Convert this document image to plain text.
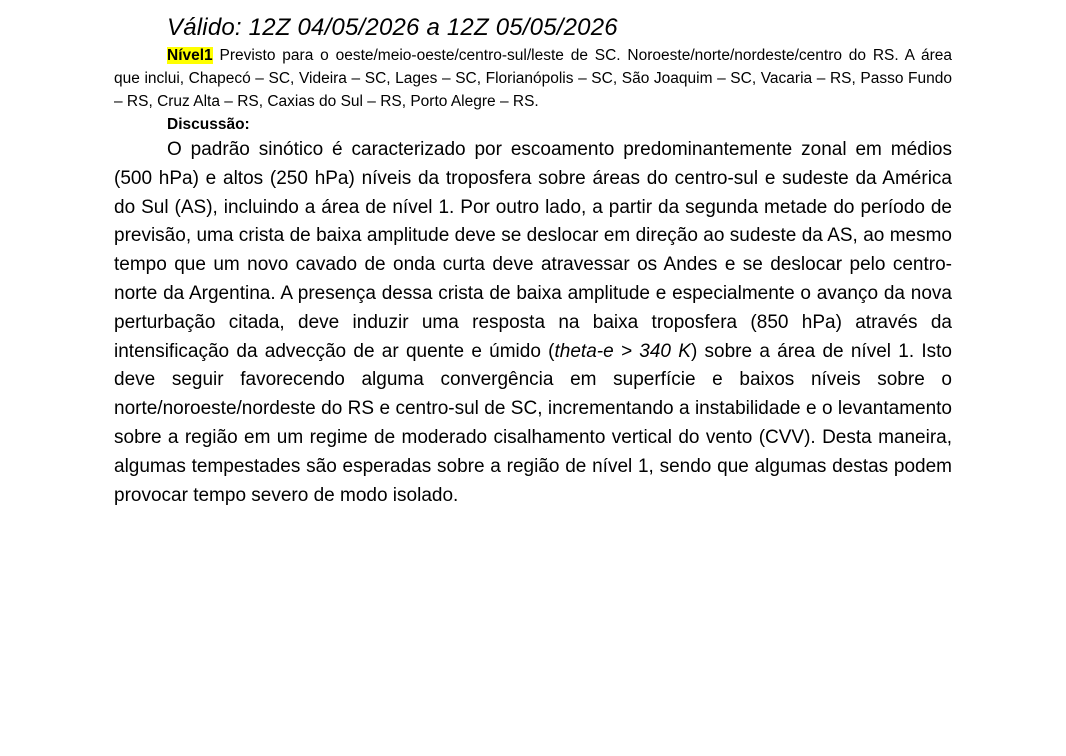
Válido: 12Z 04/05/2026 a 12Z 05/05/2026

Nível1 Previsto para o oeste/meio-oeste/centro-sul/leste de SC. Noroeste/norte/nordeste/centro do RS. A área que inclui, Chapecó – SC, Videira – SC, Lages – SC, Florianópolis – SC, São Joaquim – SC, Vacaria – RS, Passo Fundo – RS, Cruz Alta – RS, Caxias do Sul – RS, Porto Alegre – RS.

Discussão:

O padrão sinótico é caracterizado por escoamento predominantemente zonal em médios (500 hPa) e altos (250 hPa) níveis da troposfera sobre áreas do centro-sul e sudeste da América do Sul (AS), incluindo a área de nível 1. Por outro lado, a partir da segunda metade do período de previsão, uma crista de baixa amplitude deve se deslocar em direção ao sudeste da AS, ao mesmo tempo que um novo cavado de onda curta deve atravessar os Andes e se deslocar pelo centro-norte da Argentina. A presença dessa crista de baixa amplitude e especialmente o avanço da nova perturbação citada, deve induzir uma resposta na baixa troposfera (850 hPa) através da intensificação da advecção de ar quente e úmido (theta-e > 340 K) sobre a área de nível 1. Isto deve seguir favorecendo alguma convergência em superfície e baixos níveis sobre o norte/noroeste/nordeste do RS e centro-sul de SC, incrementando a instabilidade e o levantamento sobre a região em um regime de moderado cisalhamento vertical do vento (CVV). Desta maneira, algumas tempestades são esperadas sobre a região de nível 1, sendo que algumas destas podem provocar tempo severo de modo isolado.
